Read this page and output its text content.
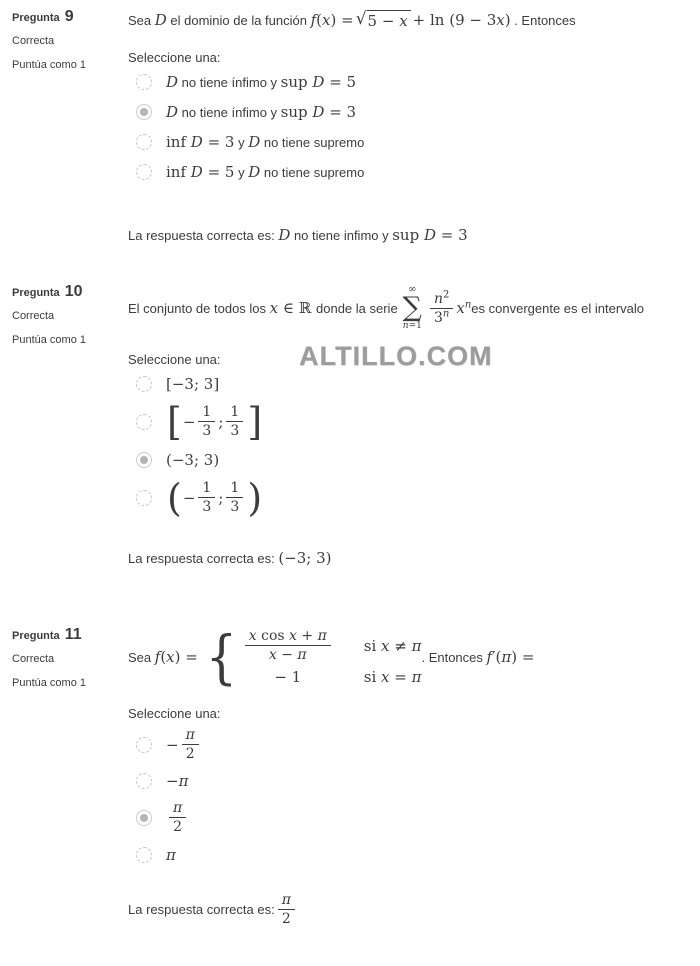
Pregunta 9
Correcta
Puntúa como 1
Sea D el dominio de la función f(x) = √ 5 − x + ln (9 − 3x) . Entonces
Seleccione una:
D no tiene ínfimo y sup D = 5
D no tiene ínfimo y sup D = 3
inf D = 3 y D no tiene supremo
inf D = 5 y D no tiene supremo
La respuesta correcta es: D no tiene infimo y sup D = 3
Pregunta 10
Correcta
Puntúa como 1
El conjunto de todos los x ∈ ℝ donde la serie
∞
∑
$n=1 \frac{n^2}{3^n} x^n$ es convergente es el intervalo
Seleccione una:
[−3; 3]
[ − $\frac{1}{3}$ ; $\frac{1}{3}$ ]
(−3; 3)
( − $\frac{1}{3}$ ; $\frac{1}{3}$ )
La respuesta correcta es: (−3; 3)
Pregunta 11
Correcta
Puntúa como 1
Sea f(x) = { $\frac{\text{x cos x + π}}{x - \pi}$ si x ≠ π
− 1	si x = π
. Entonces f′(π) =
Seleccione una:
− $\frac{\pi}{2}$
−π
$\frac{\pi}{2}$
π
La respuesta correcta es: $\frac{\pi}{2}$
ALTILLO.COM
